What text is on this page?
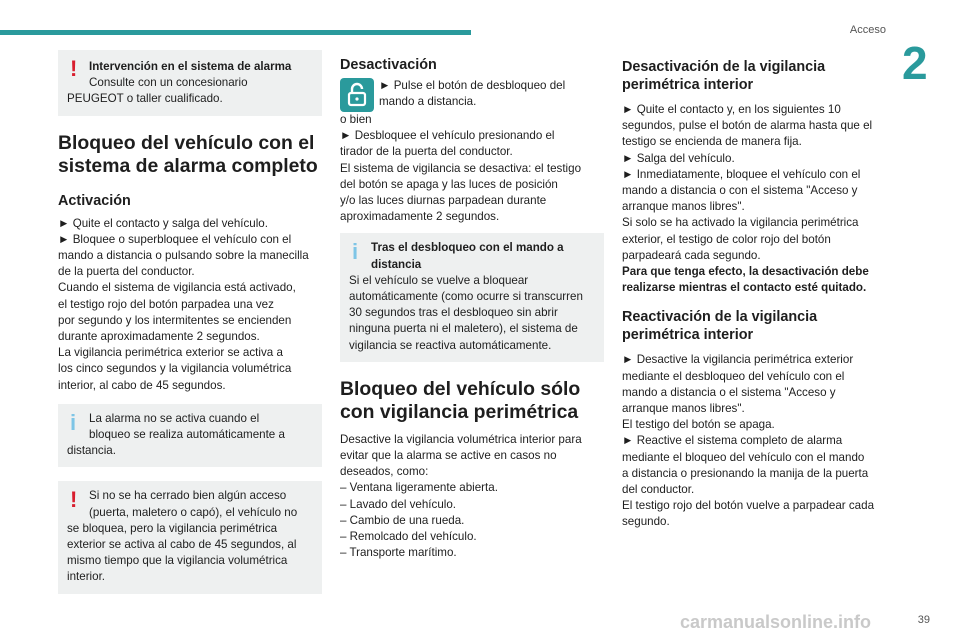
Acceso
2
!	Intervención en el sistema de alarma
Consulte con un concesionario
PEUGEOT o taller cualificado.
Bloqueo del vehículo con el sistema de alarma completo
Activación

► Quite el contacto y salga del vehículo.
► Bloquee o superbloquee el vehículo con el
mando a distancia o pulsando sobre la manecilla
de la puerta del conductor.
Cuando el sistema de vigilancia está activado,
el testigo rojo del botón parpadea una vez
por segundo y los intermitentes se encienden
durante aproximadamente 2 segundos.
La vigilancia perimétrica exterior se activa a
los cinco segundos y la vigilancia volumétrica
interior, al cabo de 45 segundos.

i	La alarma no se activa cuando el
bloqueo se realiza automáticamente a
distancia.
!	Si no se ha cerrado bien algún acceso
(puerta, maletero o capó), el vehículo no
se bloquea, pero la vigilancia perimétrica
exterior se activa al cabo de 45 segundos, al
mismo tiempo que la vigilancia volumétrica
interior.
Desactivación
► Pulse el botón de desbloqueo del
mando a distancia.

o bien
► Desbloquee el vehículo presionando el
tirador de la puerta del conductor.
El sistema de vigilancia se desactiva: el testigo
del botón se apaga y las luces de posición
y/o las luces diurnas parpadean durante
aproximadamente 2 segundos.

i	Tras el desbloqueo con el mando a
distancia
Si el vehículo se vuelve a bloquear
automáticamente (como ocurre si transcurren
30 segundos tras el desbloqueo sin abrir
ninguna puerta ni el maletero), el sistema de
vigilancia se reactiva automáticamente.
Bloqueo del vehículo sólo con vigilancia perimétrica

Desactive la vigilancia volumétrica interior para
evitar que la alarma se active en casos no
deseados, como:
– Ventana ligeramente abierta.
– Lavado del vehículo.
– Cambio de una rueda.
– Remolcado del vehículo.
– Transporte marítimo.

Desactivación de la vigilancia perimétrica interior

► Quite el contacto y, en los siguientes 10
segundos, pulse el botón de alarma hasta que el
testigo se encienda de manera fija.
► Salga del vehículo.
► Inmediatamente, bloquee el vehículo con el
mando a distancia o con el sistema "Acceso y
arranque manos libres".
Si solo se ha activado la vigilancia perimétrica
exterior, el testigo de color rojo del botón
parpadeará cada segundo.
Para que tenga efecto, la desactivación debe
realizarse mientras el contacto esté quitado.

Reactivación de la vigilancia perimétrica interior

► Desactive la vigilancia perimétrica exterior
mediante el desbloqueo del vehículo con el
mando a distancia o el sistema "Acceso y
arranque manos libres".
El testigo del botón se apaga.
► Reactive el sistema completo de alarma
mediante el bloqueo del vehículo con el mando
a distancia o presionando la manija de la puerta
del conductor.
El testigo rojo del botón vuelve a parpadear cada
segundo.

carmanualsonline.info	39
